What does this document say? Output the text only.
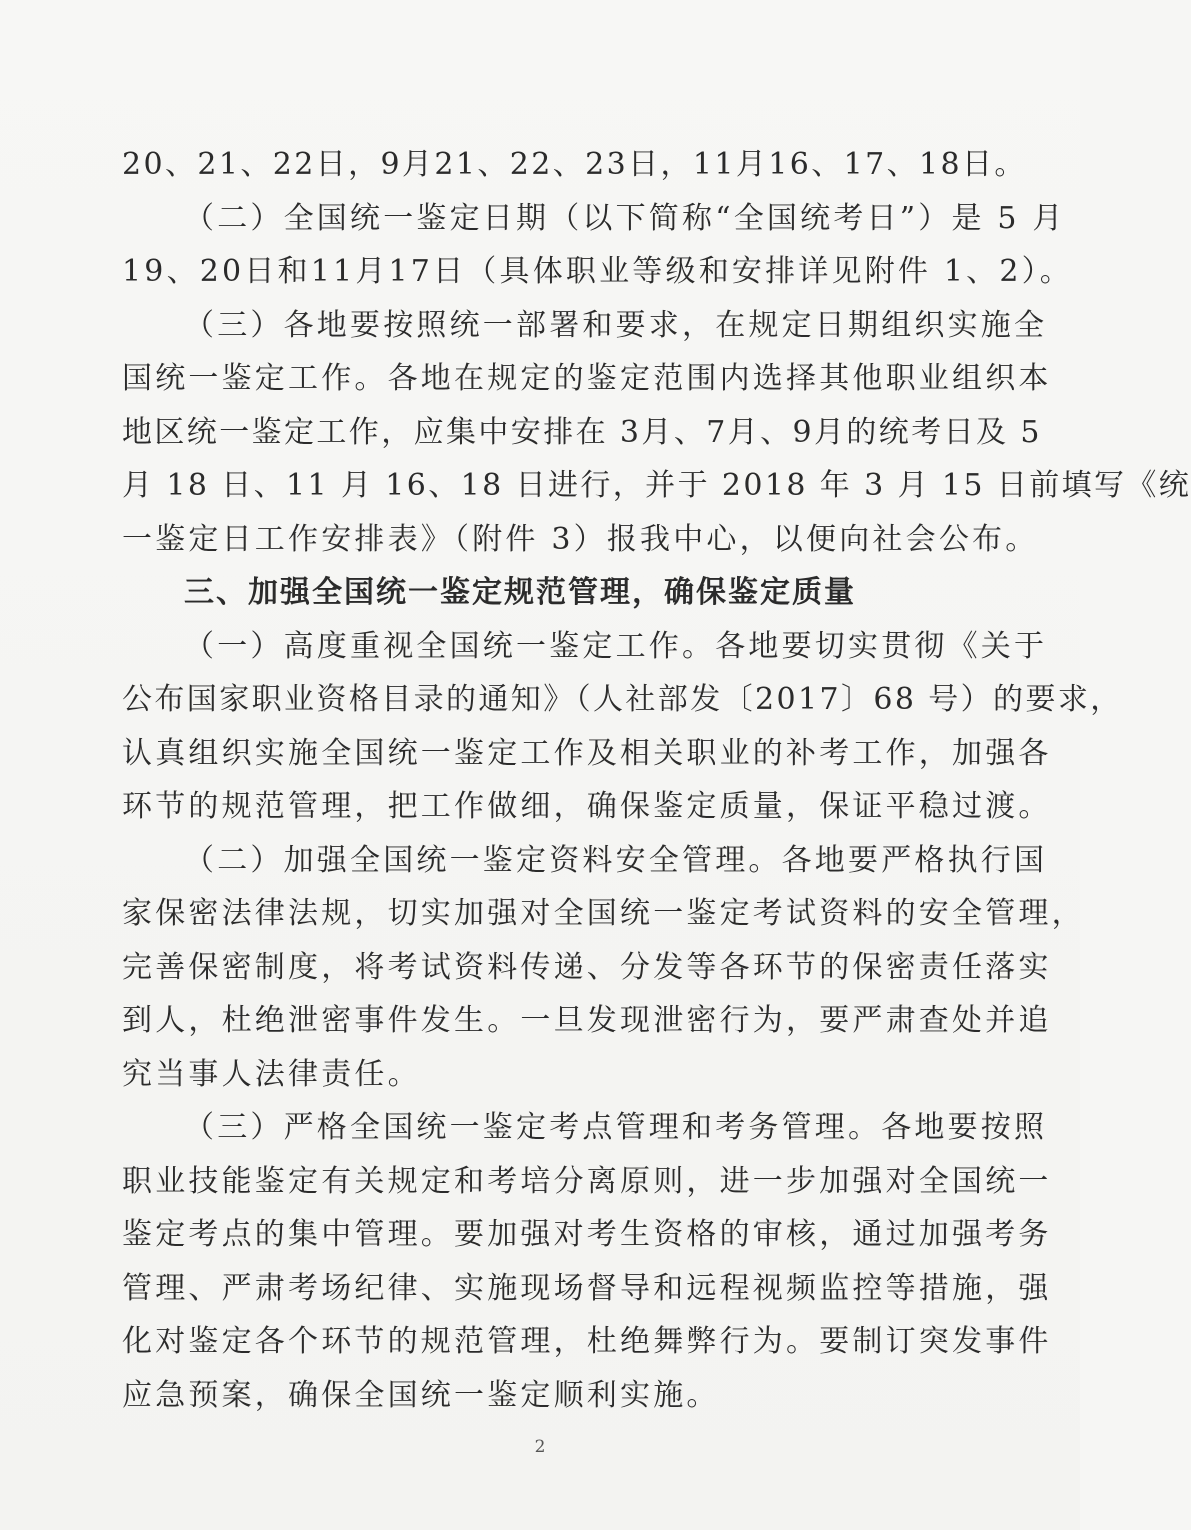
20、21、22日，9月21、22、23日，11月16、17、18日。
（二）全国统一鉴定日期（以下简称“全国统考日”）是 5 月
19、20日和11月17日（具体职业等级和安排详见附件 1、2）。
（三）各地要按照统一部署和要求，在规定日期组织实施全
国统一鉴定工作。各地在规定的鉴定范围内选择其他职业组织本
地区统一鉴定工作，应集中安排在 3月、7月、9月的统考日及 5
月 18 日、11 月 16、18 日进行，并于 2018 年 3 月 15 日前填写《统
一鉴定日工作安排表》（附件 3）报我中心，以便向社会公布。
三、加强全国统一鉴定规范管理，确保鉴定质量
（一）高度重视全国统一鉴定工作。各地要切实贯彻《关于
公布国家职业资格目录的通知》（人社部发〔2017〕68 号）的要求，
认真组织实施全国统一鉴定工作及相关职业的补考工作，加强各
环节的规范管理，把工作做细，确保鉴定质量，保证平稳过渡。
（二）加强全国统一鉴定资料安全管理。各地要严格执行国
家保密法律法规，切实加强对全国统一鉴定考试资料的安全管理，
完善保密制度，将考试资料传递、分发等各环节的保密责任落实
到人，杜绝泄密事件发生。一旦发现泄密行为，要严肃查处并追
究当事人法律责任。
（三）严格全国统一鉴定考点管理和考务管理。各地要按照
职业技能鉴定有关规定和考培分离原则，进一步加强对全国统一
鉴定考点的集中管理。要加强对考生资格的审核，通过加强考务
管理、严肃考场纪律、实施现场督导和远程视频监控等措施，强
化对鉴定各个环节的规范管理，杜绝舞弊行为。要制订突发事件
应急预案，确保全国统一鉴定顺利实施。
2
